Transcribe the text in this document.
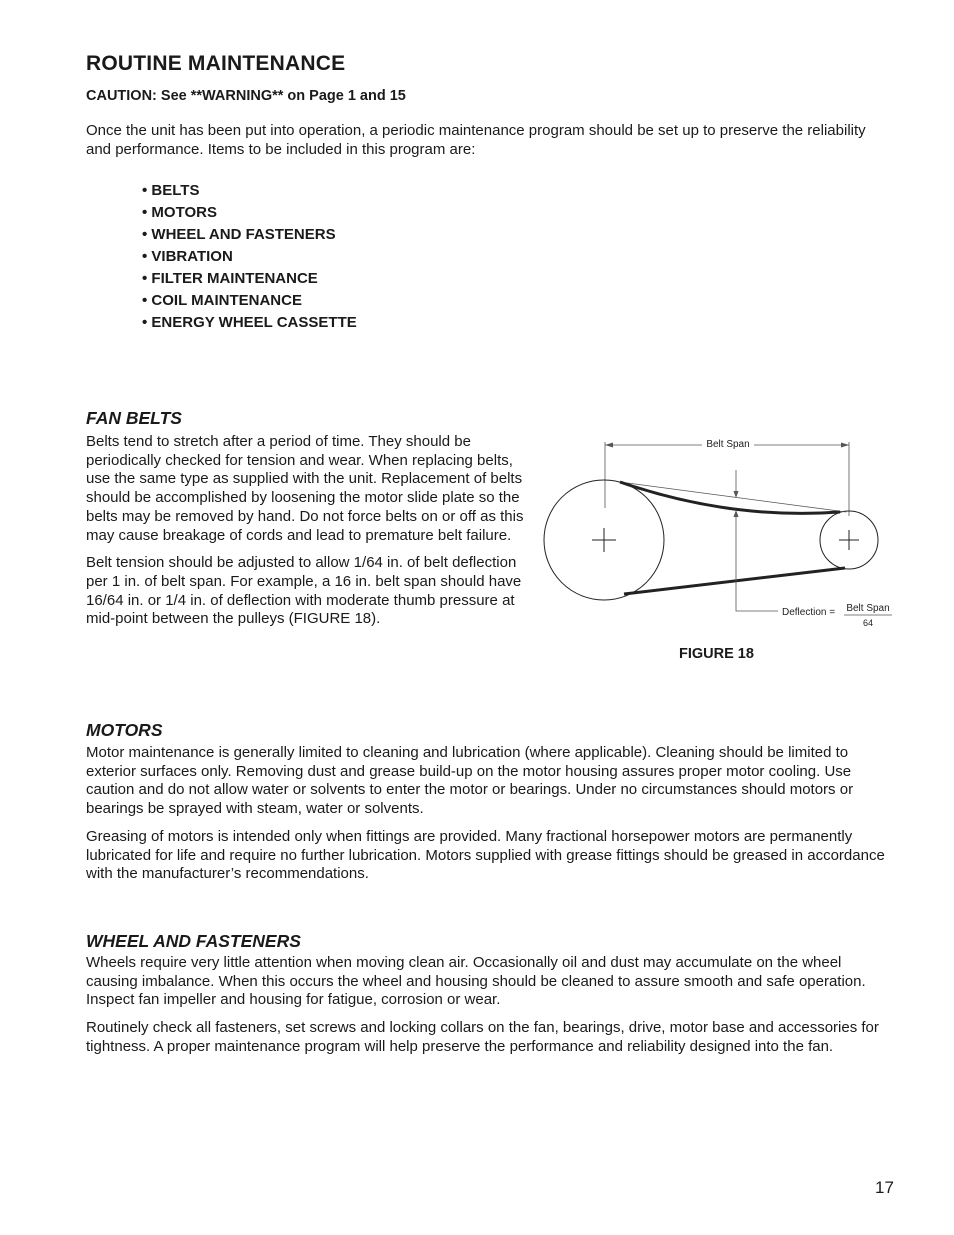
ROUTINE MAINTENANCE

CAUTION: See **WARNING** on Page 1 and 15

Once the unit has been put into operation, a periodic maintenance program should be set up to preserve the reliability and performance. Items to be included in this program are:

• BELTS
• MOTORS
• WHEEL AND FASTENERS
• VIBRATION
• FILTER MAINTENANCE
• COIL MAINTENANCE
• ENERGY WHEEL CASSETTE
FAN BELTS

Belts tend to stretch after a period of time. They should be periodically checked for tension and wear. When replacing belts, use the same type as supplied with the unit. Replacement of belts should be accomplished by loosening the motor slide plate so the belts may be removed by hand. Do not force belts on or off as this may cause breakage of cords and lead to premature belt failure.

Belt tension should be adjusted to allow 1/64 in. of belt deflection per 1 in. of belt span. For example, a 16 in. belt span should have 16/64 in. or 1/4 in. of deflection with moderate thumb pressure at mid-point between the pulleys (FIGURE 18).

Belt Span
Deflection = Belt Span
64

FIGURE 18

MOTORS

Motor maintenance is generally limited to cleaning and lubrication (where applicable). Cleaning should be limited to exterior surfaces only. Removing dust and grease build-up on the motor housing assures proper motor cooling. Use caution and do not allow water or solvents to enter the motor or bearings. Under no circumstances should motors or bearings be sprayed with steam, water or solvents.

Greasing of motors is intended only when fittings are provided. Many fractional horsepower motors are permanently lubricated for life and require no further lubrication. Motors supplied with grease fittings should be greased in accordance with the manufacturer’s recommendations.

WHEEL AND FASTENERS

Wheels require very little attention when moving clean air. Occasionally oil and dust may accumulate on the wheel causing imbalance. When this occurs the wheel and housing should be cleaned to assure smooth and safe operation. Inspect fan impeller and housing for fatigue, corrosion or wear.

Routinely check all fasteners, set screws and locking collars on the fan, bearings, drive, motor base and accessories for tightness. A proper maintenance program will help preserve the performance and reliability designed into the fan.

17
